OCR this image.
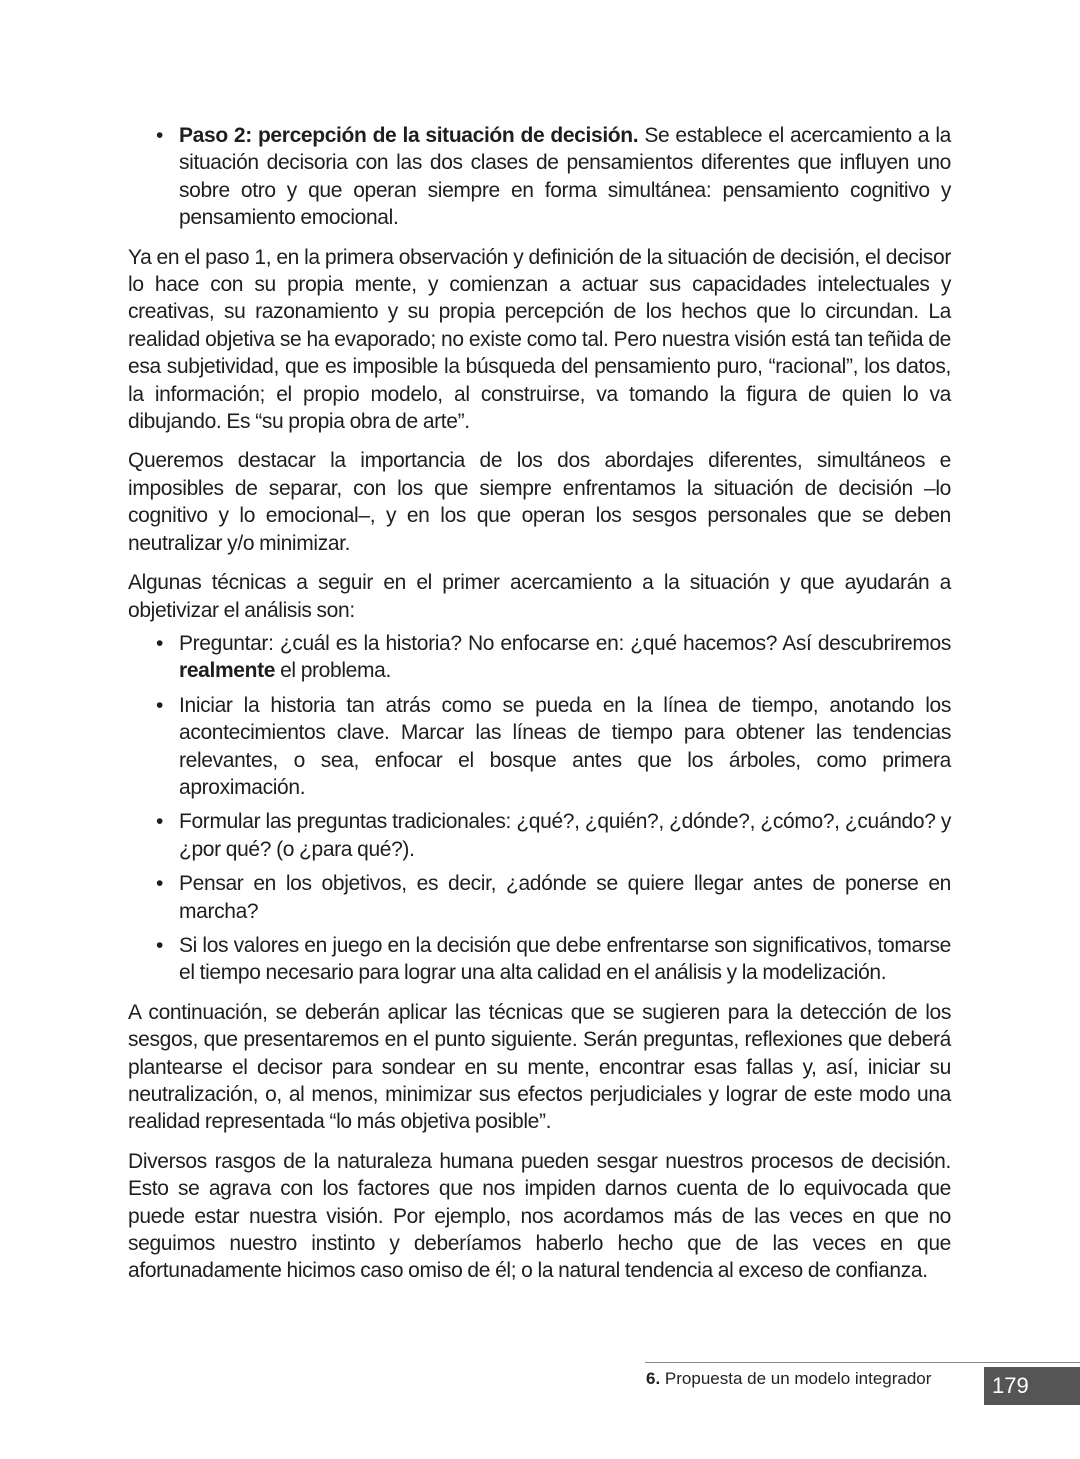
• Paso 2: percepción de la situación de decisión. Se establece el acercamiento a la situación decisoria con las dos clases de pensamientos diferentes que influyen uno sobre otro y que operan siempre en forma simultánea: pensamiento cognitivo y pensamiento emocional.

Ya en el paso 1, en la primera observación y definición de la situación de decisión, el decisor lo hace con su propia mente, y comienzan a actuar sus capacidades intelectuales y creativas, su razonamiento y su propia percepción de los hechos que lo circundan. La realidad objetiva se ha evaporado; no existe como tal. Pero nuestra visión está tan teñida de esa subjetividad, que es imposible la búsqueda del pensamiento puro, “racional”, los datos, la información; el propio modelo, al construirse, va tomando la figura de quien lo va dibujando. Es “su propia obra de arte”.

Queremos destacar la importancia de los dos abordajes diferentes, simultáneos e imposibles de separar, con los que siempre enfrentamos la situación de decisión –lo cognitivo y lo emocional–, y en los que operan los sesgos personales que se deben neutralizar y/o minimizar.

Algunas técnicas a seguir en el primer acercamiento a la situación y que ayudarán a objetivizar el análisis son:

• Preguntar: ¿cuál es la historia? No enfocarse en: ¿qué hacemos? Así descubriremos realmente el problema.
• Iniciar la historia tan atrás como se pueda en la línea de tiempo, anotando los acontecimientos clave. Marcar las líneas de tiempo para obtener las tendencias relevantes, o sea, enfocar el bosque antes que los árboles, como primera aproximación.
• Formular las preguntas tradicionales: ¿qué?, ¿quién?, ¿dónde?, ¿cómo?, ¿cuándo? y ¿por qué? (o ¿para qué?).
• Pensar en los objetivos, es decir, ¿adónde se quiere llegar antes de ponerse en marcha?
• Si los valores en juego en la decisión que debe enfrentarse son significativos, tomarse el tiempo necesario para lograr una alta calidad en el análisis y la modelización.

A continuación, se deberán aplicar las técnicas que se sugieren para la detección de los sesgos, que presentaremos en el punto siguiente. Serán preguntas, reflexiones que deberá plantearse el decisor para sondear en su mente, encontrar esas fallas y, así, iniciar su neutralización, o, al menos, minimizar sus efectos perjudiciales y lograr de este modo una realidad representada “lo más objetiva posible”.

Diversos rasgos de la naturaleza humana pueden sesgar nuestros procesos de decisión. Esto se agrava con los factores que nos impiden darnos cuenta de lo equivocada que puede estar nuestra visión. Por ejemplo, nos acordamos más de las veces en que no seguimos nuestro instinto y deberíamos haberlo hecho que de las veces en que afortunadamente hicimos caso omiso de él; o la natural tendencia al exceso de confianza.

6. Propuesta de un modelo integrador	179
